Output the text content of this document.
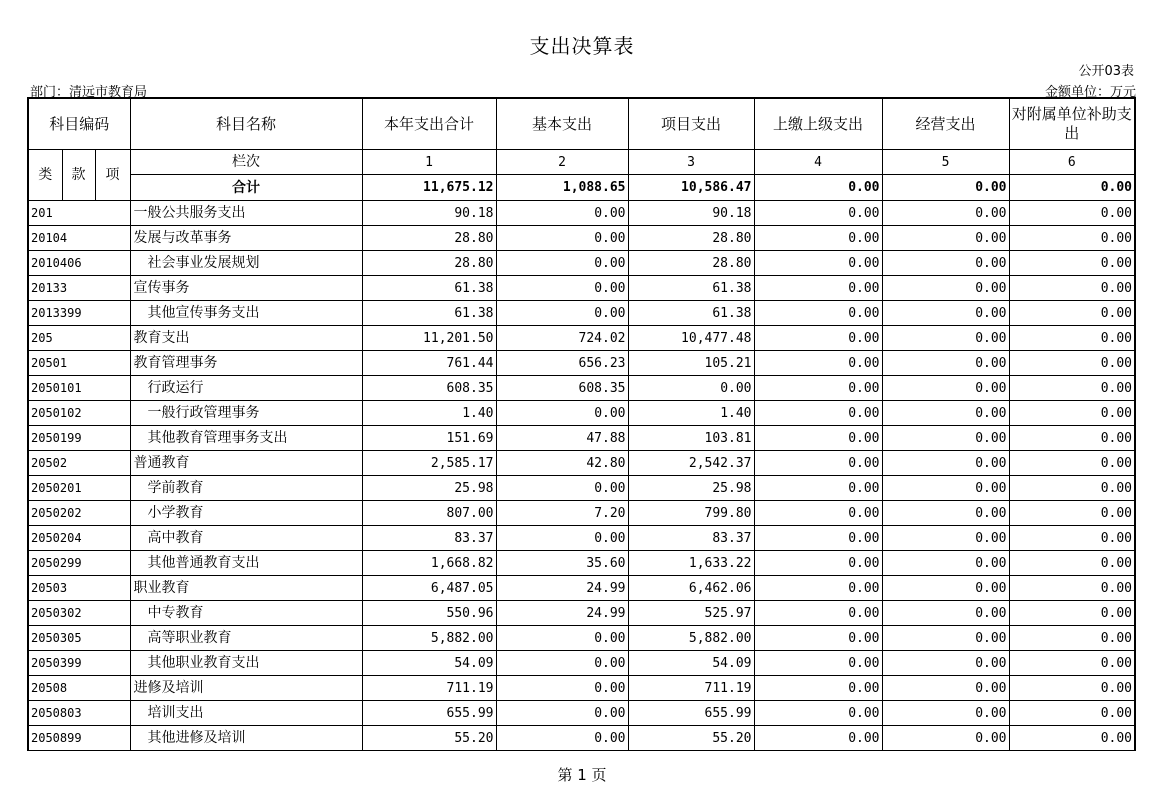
支出决算表
公开03表
部门：清远市教育局	金额单位：万元
科目编码			科目名称	本年支出合计	基本支出	项目支出	上缴上级支出	经营支出	对附属单位补助支出
类	款	项	栏次	1	2	3	4	5	6
			合计	11,675.12	1,088.65	10,586.47	0.00	0.00	0.00
201			一般公共服务支出	90.18	0.00	90.18	0.00	0.00	0.00
20104			发展与改革事务	28.80	0.00	28.80	0.00	0.00	0.00
2010406			社会事业发展规划	28.80	0.00	28.80	0.00	0.00	0.00
20133			宣传事务	61.38	0.00	61.38	0.00	0.00	0.00
2013399			其他宣传事务支出	61.38	0.00	61.38	0.00	0.00	0.00
205			教育支出	11,201.50	724.02	10,477.48	0.00	0.00	0.00
20501			教育管理事务	761.44	656.23	105.21	0.00	0.00	0.00
2050101			行政运行	608.35	608.35	0.00	0.00	0.00	0.00
2050102			一般行政管理事务	1.40	0.00	1.40	0.00	0.00	0.00
2050199			其他教育管理事务支出	151.69	47.88	103.81	0.00	0.00	0.00
20502			普通教育	2,585.17	42.80	2,542.37	0.00	0.00	0.00
2050201			学前教育	25.98	0.00	25.98	0.00	0.00	0.00
2050202			小学教育	807.00	7.20	799.80	0.00	0.00	0.00
2050204			高中教育	83.37	0.00	83.37	0.00	0.00	0.00
2050299			其他普通教育支出	1,668.82	35.60	1,633.22	0.00	0.00	0.00
20503			职业教育	6,487.05	24.99	6,462.06	0.00	0.00	0.00
2050302			中专教育	550.96	24.99	525.97	0.00	0.00	0.00
2050305			高等职业教育	5,882.00	0.00	5,882.00	0.00	0.00	0.00
2050399			其他职业教育支出	54.09	0.00	54.09	0.00	0.00	0.00
20508			进修及培训	711.19	0.00	711.19	0.00	0.00	0.00
2050803			培训支出	655.99	0.00	655.99	0.00	0.00	0.00
2050899			其他进修及培训	55.20	0.00	55.20	0.00	0.00	0.00
第 1 页
